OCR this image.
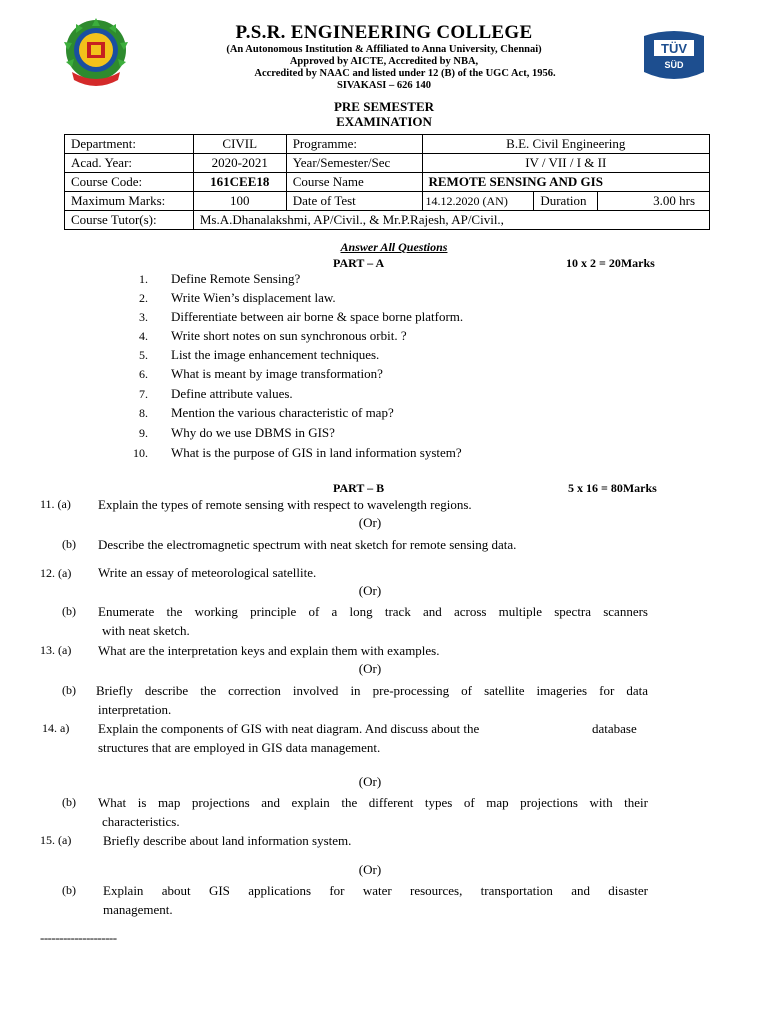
TÜV
SÜD
P.S.R. ENGINEERING COLLEGE
(An Autonomous Institution & Affiliated to Anna University, Chennai)
Approved by AICTE, Accredited by NBA,
Accredited by NAAC and listed under 12 (B) of the UGC Act, 1956.
SIVAKASI – 626 140
PRE SEMESTER
EXAMINATION
Department:	CIVIL	Programme:	B.E. Civil Engineering		
Acad. Year:	2020-2021	Year/Semester/Sec	IV / VII / I & II		
Course Code:	161CEE18	Course Name	REMOTE SENSING AND GIS		
Maximum Marks:	100	Date of Test	14.12.2020 (AN)	Duration	3.00 hrs
Course Tutor(s):	Ms.A.Dhanalakshmi, AP/Civil., & Mr.P.Rajesh, AP/Civil.,				
Answer All Questions
PART – A	10 x 2 = 20Marks
1. Define Remote Sensing?
2. Write Wien’s displacement law.
3. Differentiate between air borne & space borne platform.
4. Write short notes on sun synchronous orbit. ?
5. List the image enhancement techniques.
6. What is meant by image transformation?
7. Define attribute values.
8. Mention the various characteristic of map?
9. Why do we use DBMS in GIS?
10. What is the purpose of GIS in land information system?
PART – B	5 x 16 = 80Marks
11. (a) Explain the types of remote sensing with respect to wavelength regions.
(Or)
(b) Describe the electromagnetic spectrum with neat sketch for remote sensing data.
12. (a) Write an essay of meteorological satellite.
(Or)
(b) Enumerate the working principle of a long track and across multiple spectra scanners
with neat sketch.
13. (a) What are the interpretation keys and explain them with examples.
(Or)
(b) Briefly describe the correction involved in pre-processing of satellite imageries for data
interpretation.
14. a) Explain the components of GIS with neat diagram. And discuss about the	database
structures that are employed in GIS data management.
(Or)
(b) What is map projections and explain the different types of map projections with their
characteristics.
15. (a) Briefly describe about land information system.
(Or)
(b) Explain about GIS applications for water resources, transportation and disaster
management.
--------------------
